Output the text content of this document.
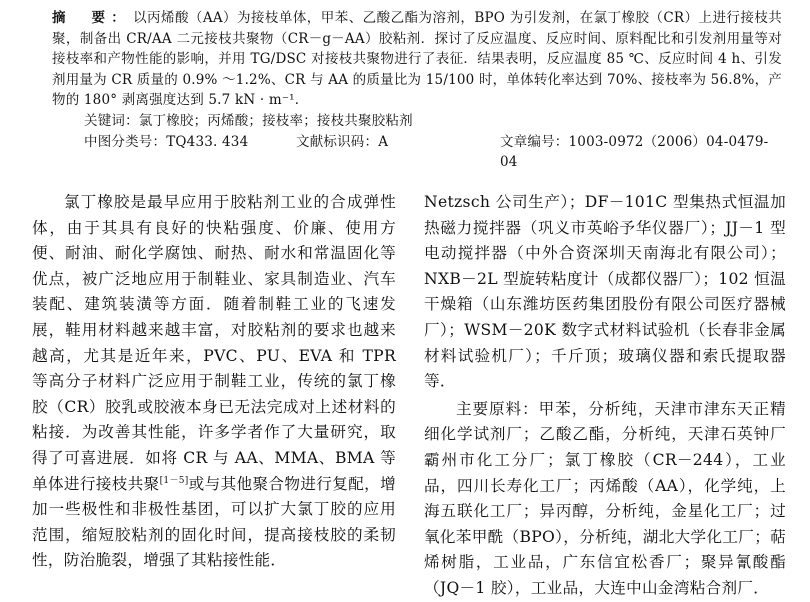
摘　要： 以丙烯酸（AA）为接枝单体，甲苯、乙酸乙酯为溶剂，BPO 为引发剂，在氯丁橡胶（CR）上进行接枝共聚，制备出 CR/AA 二元接枝共聚物（CR－g－AA）胶粘剂．探讨了反应温度、反应时间、原料配比和引发剂用量等对接枝率和产物性能的影响，并用 TG/DSC 对接枝共聚物进行了表征．结果表明，反应温度 85 ℃、反应时间 4 h、引发剂用量为 CR 质量的 0.9% ～1.2%、CR 与 AA 的质量比为 15/100 时，单体转化率达到 70%、接枝率为 56.8%，产物的 180° 剥离强度达到 5.7 kN · m⁻¹．

关键词：氯丁橡胶；丙烯酸；接枝率；接枝共聚胶粘剂

中图分类号：TQ433. 434	文献标识码：A	文章编号：1003-0972（2006）04-0479-04

氯丁橡胶是最早应用于胶粘剂工业的合成弹性体，由于其具有良好的快粘强度、价廉、使用方便、耐油、耐化学腐蚀、耐热、耐水和常温固化等优点，被广泛地应用于制鞋业、家具制造业、汽车装配、建筑装潢等方面．随着制鞋工业的飞速发展，鞋用材料越来越丰富，对胶粘剂的要求也越来越高，尤其是近年来，PVC、PU、EVA 和 TPR 等高分子材料广泛应用于制鞋工业，传统的氯丁橡胶（CR）胶乳或胶液本身已无法完成对上述材料的粘接．为改善其性能，许多学者作了大量研究，取得了可喜进展．如将 CR 与 AA、MMA、BMA 等单体进行接枝共聚[1－5]或与其他聚合物进行复配，增加一些极性和非极性基团，可以扩大氯丁胶的应用范围，缩短胶粘剂的固化时间，提高接枝胶的柔韧性，防治脆裂，增强了其粘接性能．

Netzsch 公司生产）；DF－101C 型集热式恒温加热磁力搅拌器（巩义市英峪予华仪器厂）；JJ－1 型电动搅拌器（中外合资深圳天南海北有限公司）；NXB－2L 型旋转粘度计（成都仪器厂）；102 恒温干燥箱（山东潍坊医药集团股份有限公司医疗器械厂）；WSM－20K 数字式材料试验机（长春非金属材料试验机厂）；千斤顶；玻璃仪器和索氏提取器等．

主要原料：甲苯，分析纯，天津市津东天正精细化学试剂厂；乙酸乙酯，分析纯，天津石英钟厂霸州市化工分厂；氯丁橡胶（CR－244），工业品，四川长寿化工厂；丙烯酸（AA），化学纯，上海五联化工厂；异丙醇，分析纯，金星化工厂；过氧化苯甲酰（BPO），分析纯，湖北大学化工厂；萜烯树脂，工业品，广东信宜松香厂；聚异氰酸酯（JQ－1 胶），工业品，大连中山金湾粘合剂厂．
